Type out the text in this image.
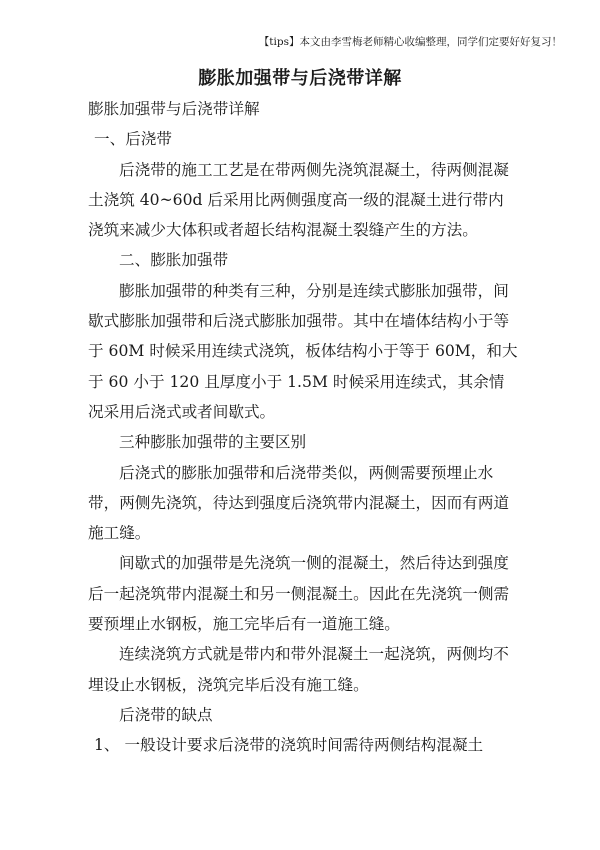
【tips】本文由李雪梅老师精心收编整理，同学们定要好好复习！
膨胀加强带与后浇带详解

膨胀加强带与后浇带详解

一、后浇带

后浇带的施工工艺是在带两侧先浇筑混凝土，待两侧混凝土浇筑 40~60d 后采用比两侧强度高一级的混凝土进行带内浇筑来减少大体积或者超长结构混凝土裂缝产生的方法。

二、膨胀加强带

膨胀加强带的种类有三种，分别是连续式膨胀加强带，间歇式膨胀加强带和后浇式膨胀加强带。其中在墙体结构小于等于 60M 时候采用连续式浇筑，板体结构小于等于 60M，和大于 60 小于 120 且厚度小于 1.5M 时候采用连续式，其余情况采用后浇式或者间歇式。

三种膨胀加强带的主要区别

后浇式的膨胀加强带和后浇带类似，两侧需要预埋止水带，两侧先浇筑，待达到强度后浇筑带内混凝土，因而有两道施工缝。

间歇式的加强带是先浇筑一侧的混凝土，然后待达到强度后一起浇筑带内混凝土和另一侧混凝土。因此在先浇筑一侧需要预埋止水钢板，施工完毕后有一道施工缝。

连续浇筑方式就是带内和带外混凝土一起浇筑，两侧均不埋设止水钢板，浇筑完毕后没有施工缝。

后浇带的缺点

1、 一般设计要求后浇带的浇筑时间需待两侧结构混凝土
